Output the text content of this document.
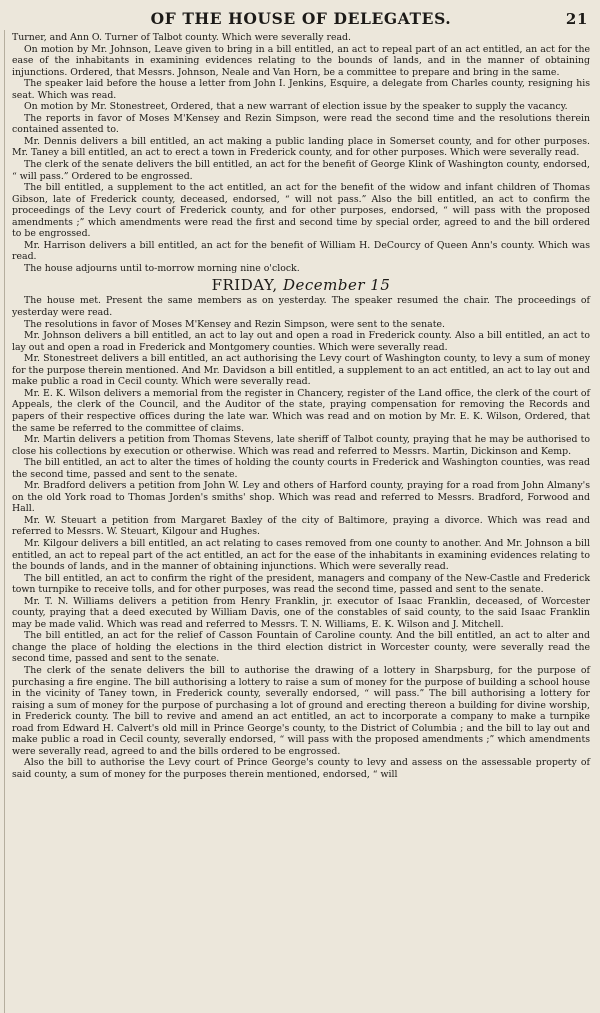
OF THE HOUSE OF DELEGATES.	21

Turner, and Ann O. Turner of Talbot county. Which were severally read.

On motion by Mr. Johnson, Leave given to bring in a bill entitled, an act to repeal part of an act entitled, an act for the ease of the inhabitants in examining evidences relating to the bounds of lands, and in the manner of obtaining injunctions. Ordered, that Messrs. Johnson, Neale and Van Horn, be a committee to prepare and bring in the same.

The speaker laid before the house a letter from John I. Jenkins, Esquire, a delegate from Charles county, resigning his seat. Which was read.

On motion by Mr. Stonestreet, Ordered, that a new warrant of election issue by the speaker to supply the vacancy.

The reports in favor of Moses M'Kensey and Rezin Simpson, were read the second time and the resolutions therein contained assented to.

Mr. Dennis delivers a bill entitled, an act making a public landing place in Somerset county, and for other purposes. Mr. Taney a bill entitled, an act to erect a town in Frederick county, and for other purposes. Which were severally read.

The clerk of the senate delivers the bill entitled, an act for the benefit of George Klink of Washington county, endorsed, “ will pass.” Ordered to be engrossed.

The bill entitled, a supplement to the act entitled, an act for the benefit of the widow and infant children of Thomas Gibson, late of Frederick county, deceased, endorsed, “ will not pass.” Also the bill entitled, an act to confirm the proceedings of the Levy court of Frederick county, and for other purposes, endorsed, “ will pass with the proposed amendments ;” which amendments were read the first and second time by special order, agreed to and the bill ordered to be engrossed.

Mr. Harrison delivers a bill entitled, an act for the benefit of William H. DeCourcy of Queen Ann's county. Which was read.

The house adjourns until to-morrow morning nine o'clock.

FRIDAY, December 15

The house met. Present the same members as on yesterday. The speaker resumed the chair. The proceedings of yesterday were read.

The resolutions in favor of Moses M'Kensey and Rezin Simpson, were sent to the senate.

Mr. Johnson delivers a bill entitled, an act to lay out and open a road in Frederick county. Also a bill entitled, an act to lay out and open a road in Frederick and Montgomery counties. Which were severally read.

Mr. Stonestreet delivers a bill entitled, an act authorising the Levy court of Washington county, to levy a sum of money for the purpose therein mentioned. And Mr. Davidson a bill entitled, a supplement to an act entitled, an act to lay out and make public a road in Cecil county. Which were severally read.

Mr. E. K. Wilson delivers a memorial from the register in Chancery, register of the Land office, the clerk of the court of Appeals, the clerk of the Council, and the Auditor of the state, praying compensation for removing the Records and papers of their respective offices during the late war. Which was read and on motion by Mr. E. K. Wilson, Ordered, that the same be referred to the committee of claims.

Mr. Martin delivers a petition from Thomas Stevens, late sheriff of Talbot county, praying that he may be authorised to close his collections by execution or otherwise. Which was read and referred to Messrs. Martin, Dickinson and Kemp.

The bill entitled, an act to alter the times of holding the county courts in Frederick and Washington counties, was read the second time, passed and sent to the senate.

Mr. Bradford delivers a petition from John W. Ley and others of Harford county, praying for a road from John Almany's on the old York road to Thomas Jorden's smiths' shop. Which was read and referred to Messrs. Bradford, Forwood and Hall.

Mr. W. Steuart a petition from Margaret Baxley of the city of Baltimore, praying a divorce. Which was read and referred to Messrs. W. Steuart, Kilgour and Hughes.

Mr. Kilgour delivers a bill entitled, an act relating to cases removed from one county to another. And Mr. Johnson a bill entitled, an act to repeal part of the act entitled, an act for the ease of the inhabitants in examining evidences relating to the bounds of lands, and in the manner of obtaining injunctions. Which were severally read.

The bill entitled, an act to confirm the right of the president, managers and company of the New-Castle and Frederick town turnpike to receive tolls, and for other purposes, was read the second time, passed and sent to the senate.

Mr. T. N. Williams delivers a petition from Henry Franklin, jr. executor of Isaac Franklin, deceased, of Worcester county, praying that a deed executed by William Davis, one of the constables of said county, to the said Isaac Franklin may be made valid. Which was read and referred to Messrs. T. N. Williams, E. K. Wilson and J. Mitchell.

The bill entitled, an act for the relief of Casson Fountain of Caroline county. And the bill entitled, an act to alter and change the place of holding the elections in the third election district in Worcester county, were severally read the second time, passed and sent to the senate.

The clerk of the senate delivers the bill to authorise the drawing of a lottery in Sharpsburg, for the purpose of purchasing a fire engine. The bill authorising a lottery to raise a sum of money for the purpose of building a school house in the vicinity of Taney town, in Frederick county, severally endorsed, “ will pass.” The bill authorising a lottery for raising a sum of money for the purpose of purchasing a lot of ground and erecting thereon a building for divine worship, in Frederick county. The bill to revive and amend an act entitled, an act to incorporate a company to make a turnpike road from Edward H. Calvert's old mill in Prince George's county, to the District of Columbia ; and the bill to lay out and make public a road in Cecil county, severally endorsed, “ will pass with the proposed amendments ;” which amendments were severally read, agreed to and the bills ordered to be engrossed.

Also the bill to authorise the Levy court of Prince George's county to levy and assess on the assessable property of said county, a sum of money for the purposes therein mentioned, endorsed, “ will
